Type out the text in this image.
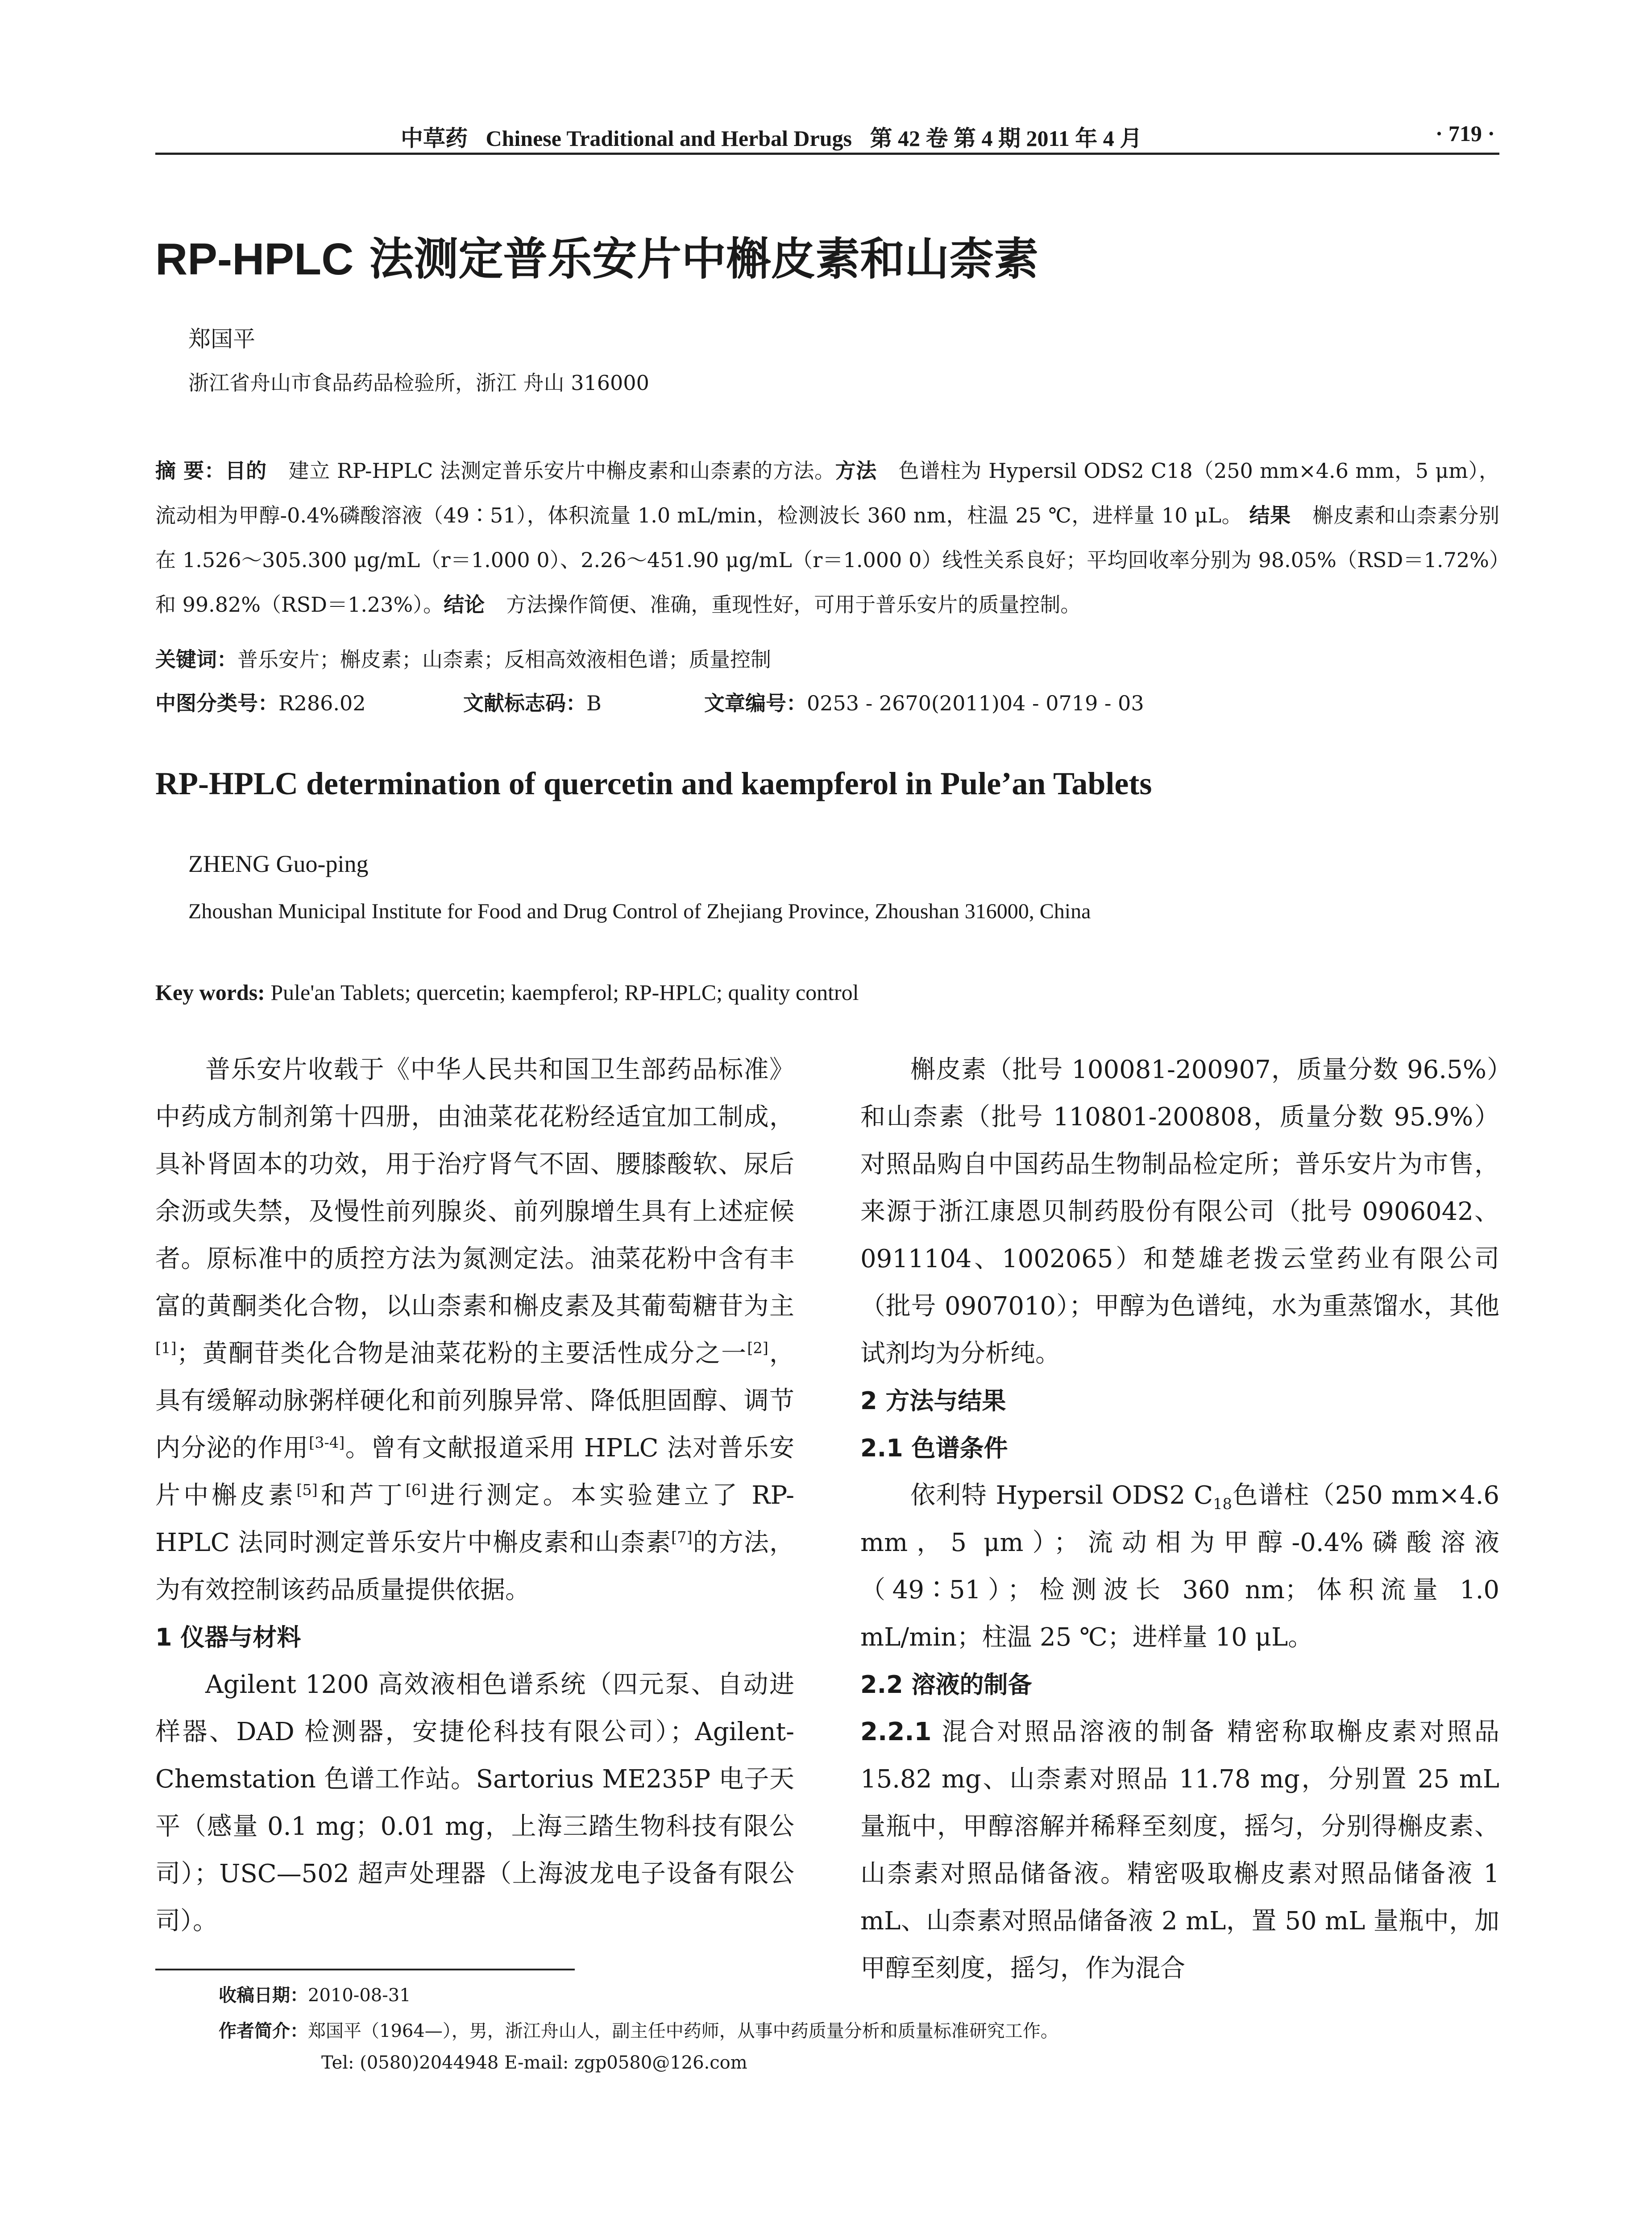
中草药 Chinese Traditional and Herbal Drugs 第 42 卷 第 4 期 2011 年 4 月	· 719 ·
RP-HPLC 法测定普乐安片中槲皮素和山柰素
郑国平
浙江省舟山市食品药品检验所，浙江 舟山 316000
摘 要：目的 建立 RP-HPLC 法测定普乐安片中槲皮素和山柰素的方法。方法 色谱柱为 Hypersil ODS2 C18（250 mm×4.6 mm，5 μm），流动相为甲醇-0.4%磷酸溶液（49∶51），体积流量 1.0 mL/min，检测波长 360 nm，柱温 25 ℃，进样量 10 μL。 结果 槲皮素和山柰素分别在 1.526～305.300 μg/mL（r＝1.000 0）、2.26～451.90 μg/mL（r＝1.000 0）线性关系良好；平均回收率分别为 98.05%（RSD＝1.72%）和 99.82%（RSD＝1.23%）。结论 方法操作简便、准确，重现性好，可用于普乐安片的质量控制。
关键词：普乐安片；槲皮素；山柰素；反相高效液相色谱；质量控制
中图分类号：R286.02	文献标志码：B	文章编号：0253 - 2670(2011)04 - 0719 - 03
RP-HPLC determination of quercetin and kaempferol in Pule’an Tablets
ZHENG Guo-ping
Zhoushan Municipal Institute for Food and Drug Control of Zhejiang Province, Zhoushan 316000, China
Key words: Pule'an Tablets; quercetin; kaempferol; RP-HPLC; quality control

普乐安片收载于《中华人民共和国卫生部药品标准》中药成方制剂第十四册，由油菜花花粉经适宜加工制成，具补肾固本的功效，用于治疗肾气不固、腰膝酸软、尿后余沥或失禁，及慢性前列腺炎、前列腺增生具有上述症候者。原标准中的质控方法为氮测定法。油菜花粉中含有丰富的黄酮类化合物，以山柰素和槲皮素及其葡萄糖苷为主[1]；黄酮苷类化合物是油菜花粉的主要活性成分之一[2]，具有缓解动脉粥样硬化和前列腺异常、降低胆固醇、调节内分泌的作用[3-4]。曾有文献报道采用 HPLC 法对普乐安片中槲皮素[5]和芦丁[6]进行测定。本实验建立了 RP-HPLC 法同时测定普乐安片中槲皮素和山柰素[7]的方法，为有效控制该药品质量提供依据。

1 仪器与材料

Agilent 1200 高效液相色谱系统（四元泵、自动进样器、DAD 检测器，安捷伦科技有限公司）；Agilent-Chemstation 色谱工作站。Sartorius ME235P 电子天平（感量 0.1 mg；0.01 mg，上海三踏生物科技有限公司）；USC—502 超声处理器（上海波龙电子设备有限公司）。

槲皮素（批号 100081-200907，质量分数 96.5%）和山柰素（批号 110801-200808，质量分数 95.9%）对照品购自中国药品生物制品检定所；普乐安片为市售，来源于浙江康恩贝制药股份有限公司（批号 0906042、0911104、1002065）和楚雄老拨云堂药业有限公司（批号 0907010）；甲醇为色谱纯，水为重蒸馏水，其他试剂均为分析纯。

2 方法与结果
2.1 色谱条件

依利特 Hypersil ODS2 $C_{18}$色谱柱（250 mm×4.6 mm，5 μm）；流动相为甲醇-0.4%磷酸溶液（49∶51）；检测波长 360 nm；体积流量 1.0 mL/min；柱温 25 ℃；进样量 10 μL。

2.2 溶液的制备

2.2.1 混合对照品溶液的制备 精密称取槲皮素对照品 15.82 mg、山柰素对照品 11.78 mg，分别置 25 mL 量瓶中，甲醇溶解并稀释至刻度，摇匀，分别得槲皮素、山柰素对照品储备液。精密吸取槲皮素对照品储备液 1 mL、山柰素对照品储备液 2 mL，置 50 mL 量瓶中，加甲醇至刻度，摇匀，作为混合

收稿日期：2010-08-31
作者简介：郑国平（1964—），男，浙江舟山人，副主任中药师，从事中药质量分析和质量标准研究工作。
Tel: (0580)2044948 E-mail: zgp0580@126.com
